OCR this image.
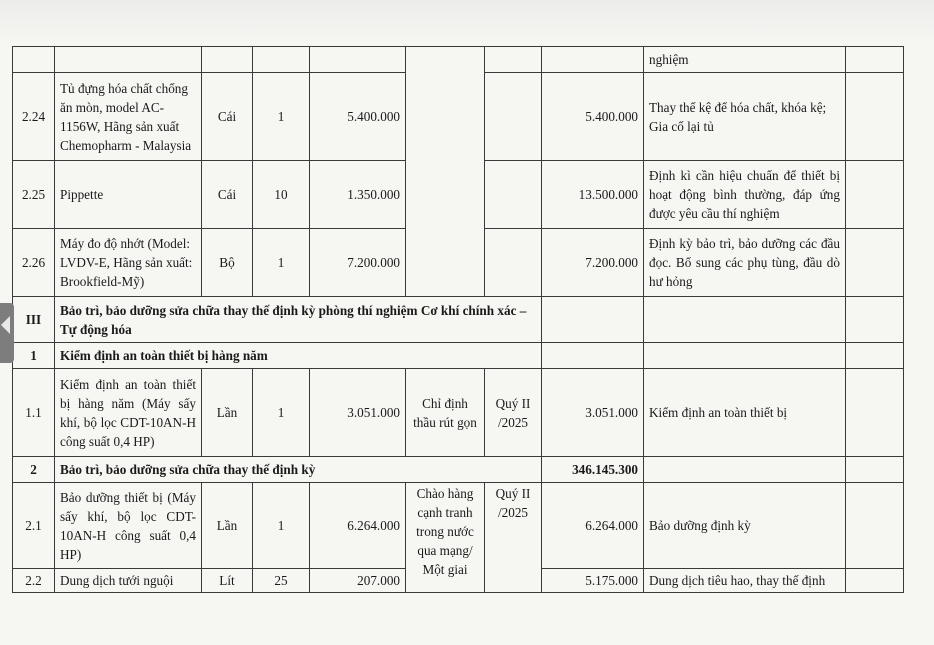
								nghiệm	
2.24	Tủ đựng hóa chất chống ăn mòn, model AC-1156W, Hãng sản xuất Chemopharm - Malaysia	Cái	1	5.400.000			5.400.000	Thay thế kệ để hóa chất, khóa kệ; Gia cố lại tủ	
2.25	Pippette	Cái	10	1.350.000			13.500.000	Định kì cần hiệu chuẩn để thiết bị hoạt động bình thường, đáp ứng được yêu cầu thí nghiệm	
2.26	Máy đo độ nhớt (Model: LVDV-E, Hãng sản xuất: Brookfield-Mỹ)	Bộ	1	7.200.000			7.200.000	Định kỳ bảo trì, bảo dưỡng các đầu đọc. Bổ sung các phụ tùng, đầu dò hư hỏng	
III	Bảo trì, bảo dưỡng sửa chữa thay thế định kỳ phòng thí nghiệm Cơ khí chính xác – Tự động hóa								
1	Kiểm định an toàn thiết bị hàng năm								
1.1	Kiểm định an toàn thiết bị hàng năm (Máy sấy khí, bộ lọc CDT-10AN-H công suất 0,4 HP)	Lần	1	3.051.000	Chỉ định thầu rút gọn	Quý II /2025	3.051.000	Kiểm định an toàn thiết bị	
2	Bảo trì, bảo dưỡng sửa chữa thay thế định kỳ						346.145.300		
2.1	Bảo dưỡng thiết bị (Máy sấy khí, bộ lọc CDT-10AN-H công suất 0,4 HP)	Lần	1	6.264.000	Chào hàng cạnh tranh trong nước qua mạng/ Một giai	Quý II /2025	6.264.000	Bảo dưỡng định kỳ	
2.2	Dung dịch tưới nguội	Lít	25	207.000			5.175.000	Dung dịch tiêu hao, thay thế định	
